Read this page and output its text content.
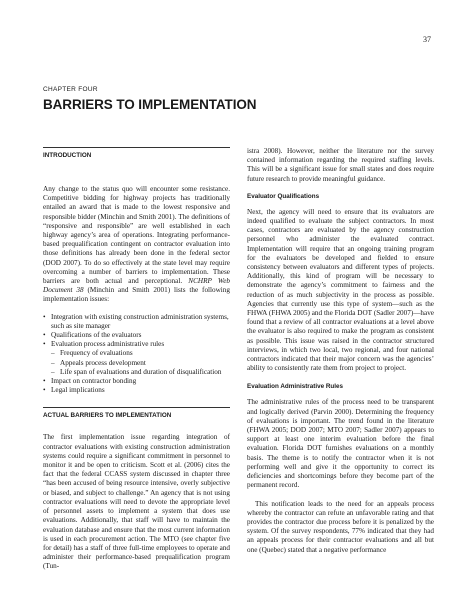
37
CHAPTER FOUR
BARRIERS TO IMPLEMENTATION
INTRODUCTION

Any change to the status quo will encounter some resistance. Competitive bidding for highway projects has traditionally entailed an award that is made to the lowest responsive and responsible bidder (Minchin and Smith 2001). The definitions of “responsive and responsible” are well established in each highway agency’s area of operations. Integrating performance-based prequalification contingent on contractor evaluation into those definitions has already been done in the federal sector (DOD 2007). To do so effectively at the state level may require overcoming a number of barriers to implementation. These barriers are both actual and perceptional. NCHRP Web Document 38 (Minchin and Smith 2001) lists the following implementation issues:

• Integration with existing construction administration systems, such as site manager
• Qualifications of the evaluators
• Evaluation process administrative rules
– Frequency of evaluations
– Appeals process development
– Life span of evaluations and duration of disqualification
• Impact on contractor bonding
• Legal implications
ACTUAL BARRIERS TO IMPLEMENTATION

The first implementation issue regarding integration of contractor evaluations with existing construction administration systems could require a significant commitment in personnel to monitor it and be open to criticism. Scott et al. (2006) cites the fact that the federal CCASS system discussed in chapter three “has been accused of being resource intensive, overly subjective or biased, and subject to challenge.” An agency that is not using contractor evaluations will need to devote the appropriate level of personnel assets to implement a system that does use evaluations. Additionally, that staff will have to maintain the evaluation database and ensure that the most current information is used in each procurement action. The MTO (see chapter five for detail) has a staff of three full-time employees to operate and administer their performance-based prequalification program (Tun-

istra 2008). However, neither the literature nor the survey contained information regarding the required staffing levels. This will be a significant issue for small states and does require future research to provide meaningful guidance.

Evaluator Qualifications

Next, the agency will need to ensure that its evaluators are indeed qualified to evaluate the subject contractors. In most cases, contractors are evaluated by the agency construction personnel who administer the evaluated contract. Implementation will require that an ongoing training program for the evaluators be developed and fielded to ensure consistency between evaluators and different types of projects. Additionally, this kind of program will be necessary to demonstrate the agency’s commitment to fairness and the reduction of as much subjectivity in the process as possible. Agencies that currently use this type of system—such as the FHWA (FHWA 2005) and the Florida DOT (Sadler 2007)—have found that a review of all contractor evaluations at a level above the evaluator is also required to make the program as consistent as possible. This issue was raised in the contractor structured interviews, in which two local, two regional, and four national contractors indicated that their major concern was the agencies’ ability to consistently rate them from project to project.

Evaluation Administrative Rules

The administrative rules of the process need to be transparent and logically derived (Parvin 2000). Determining the frequency of evaluations is important. The trend found in the literature (FHWA 2005; DOD 2007; MTO 2007; Sadler 2007) appears to support at least one interim evaluation before the final evaluation. Florida DOT furnishes evaluations on a monthly basis. The theme is to notify the contractor when it is not performing well and give it the opportunity to correct its deficiencies and shortcomings before they become part of the permanent record.

This notification leads to the need for an appeals process whereby the contractor can refute an unfavorable rating and that provides the contractor due process before it is penalized by the system. Of the survey respondents, 77% indicated that they had an appeals process for their contractor evaluations and all but one (Quebec) stated that a negative performance
